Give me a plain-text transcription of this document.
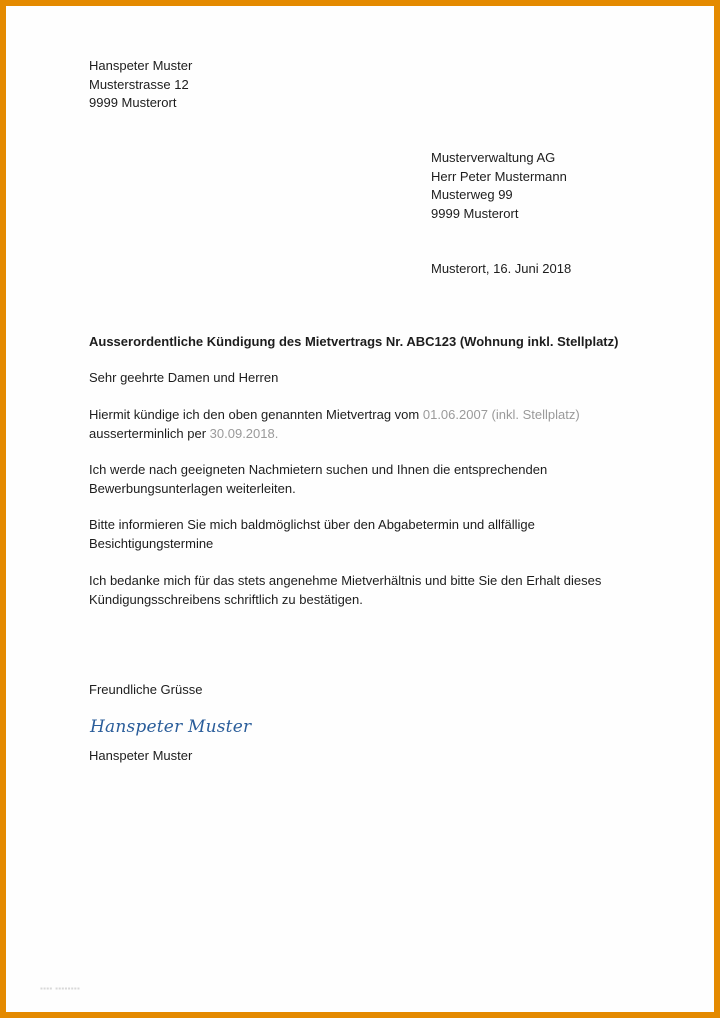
Hanspeter Muster
Musterstrasse 12
9999 Musterort
Musterverwaltung AG
Herr Peter Mustermann
Musterweg 99
9999 Musterort
Musterort, 16. Juni 2018
Ausserordentliche Kündigung des Mietvertrags Nr. ABC123 (Wohnung inkl. Stellplatz)
Sehr geehrte Damen und Herren
Hiermit kündige ich den oben genannten Mietvertrag vom 01.06.2007 (inkl. Stellplatz)
ausserterminlich per 30.09.2018.
Ich werde nach geeigneten Nachmietern suchen und Ihnen die entsprechenden
Bewerbungsunterlagen weiterleiten.
Bitte informieren Sie mich baldmöglichst über den Abgabetermin und allfällige
Besichtigungstermine
Ich bedanke mich für das stets angenehme Mietverhältnis und bitte Sie den Erhalt dieses
Kündigungsschreibens schriftlich zu bestätigen.
Freundliche Grüsse
Hanspeter Muster
Hanspeter Muster
▪▪▪▪ ▪▪▪▪▪▪▪▪
